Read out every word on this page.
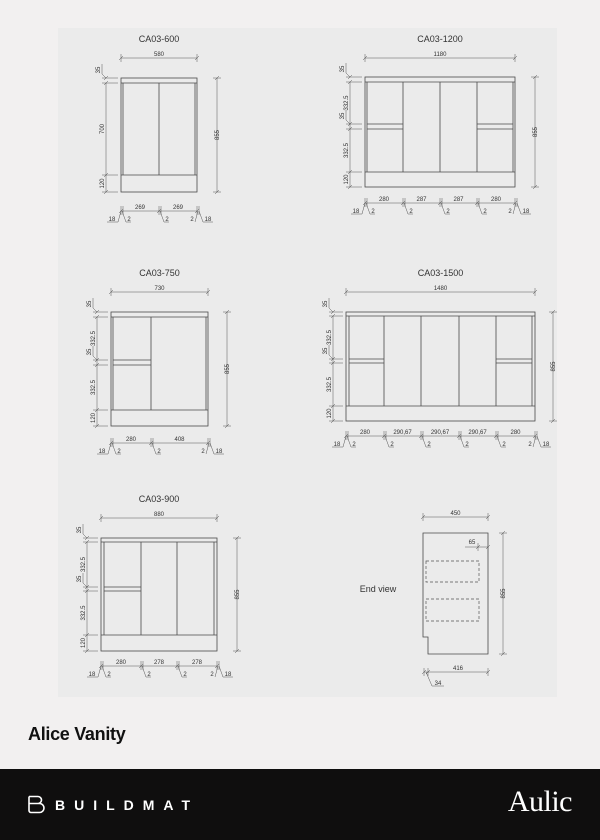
CA03-600
580
855
35
700
120
269	269
18 2	2	2 18
CA03-1200
1180
855
35
332.5
35
332.5
120
280	287	287	280
18 2	2	2	2	2 18
CA03-750
730
855
35
332.5
35
332.5
120
280	408
18 2	2	2 18
CA03-1500
1480
855
35
332.5
35
332.5
120
280	290,67	290,67	290,67	280
18 2	2	2	2	2	2 18
CA03-900
880
855
35
332.5
35
332.5
120
280	278	278
18 2	2	2	2 18
End view
450
855
65
416
34
Alice Vanity
BUILDMAT	Aulic
